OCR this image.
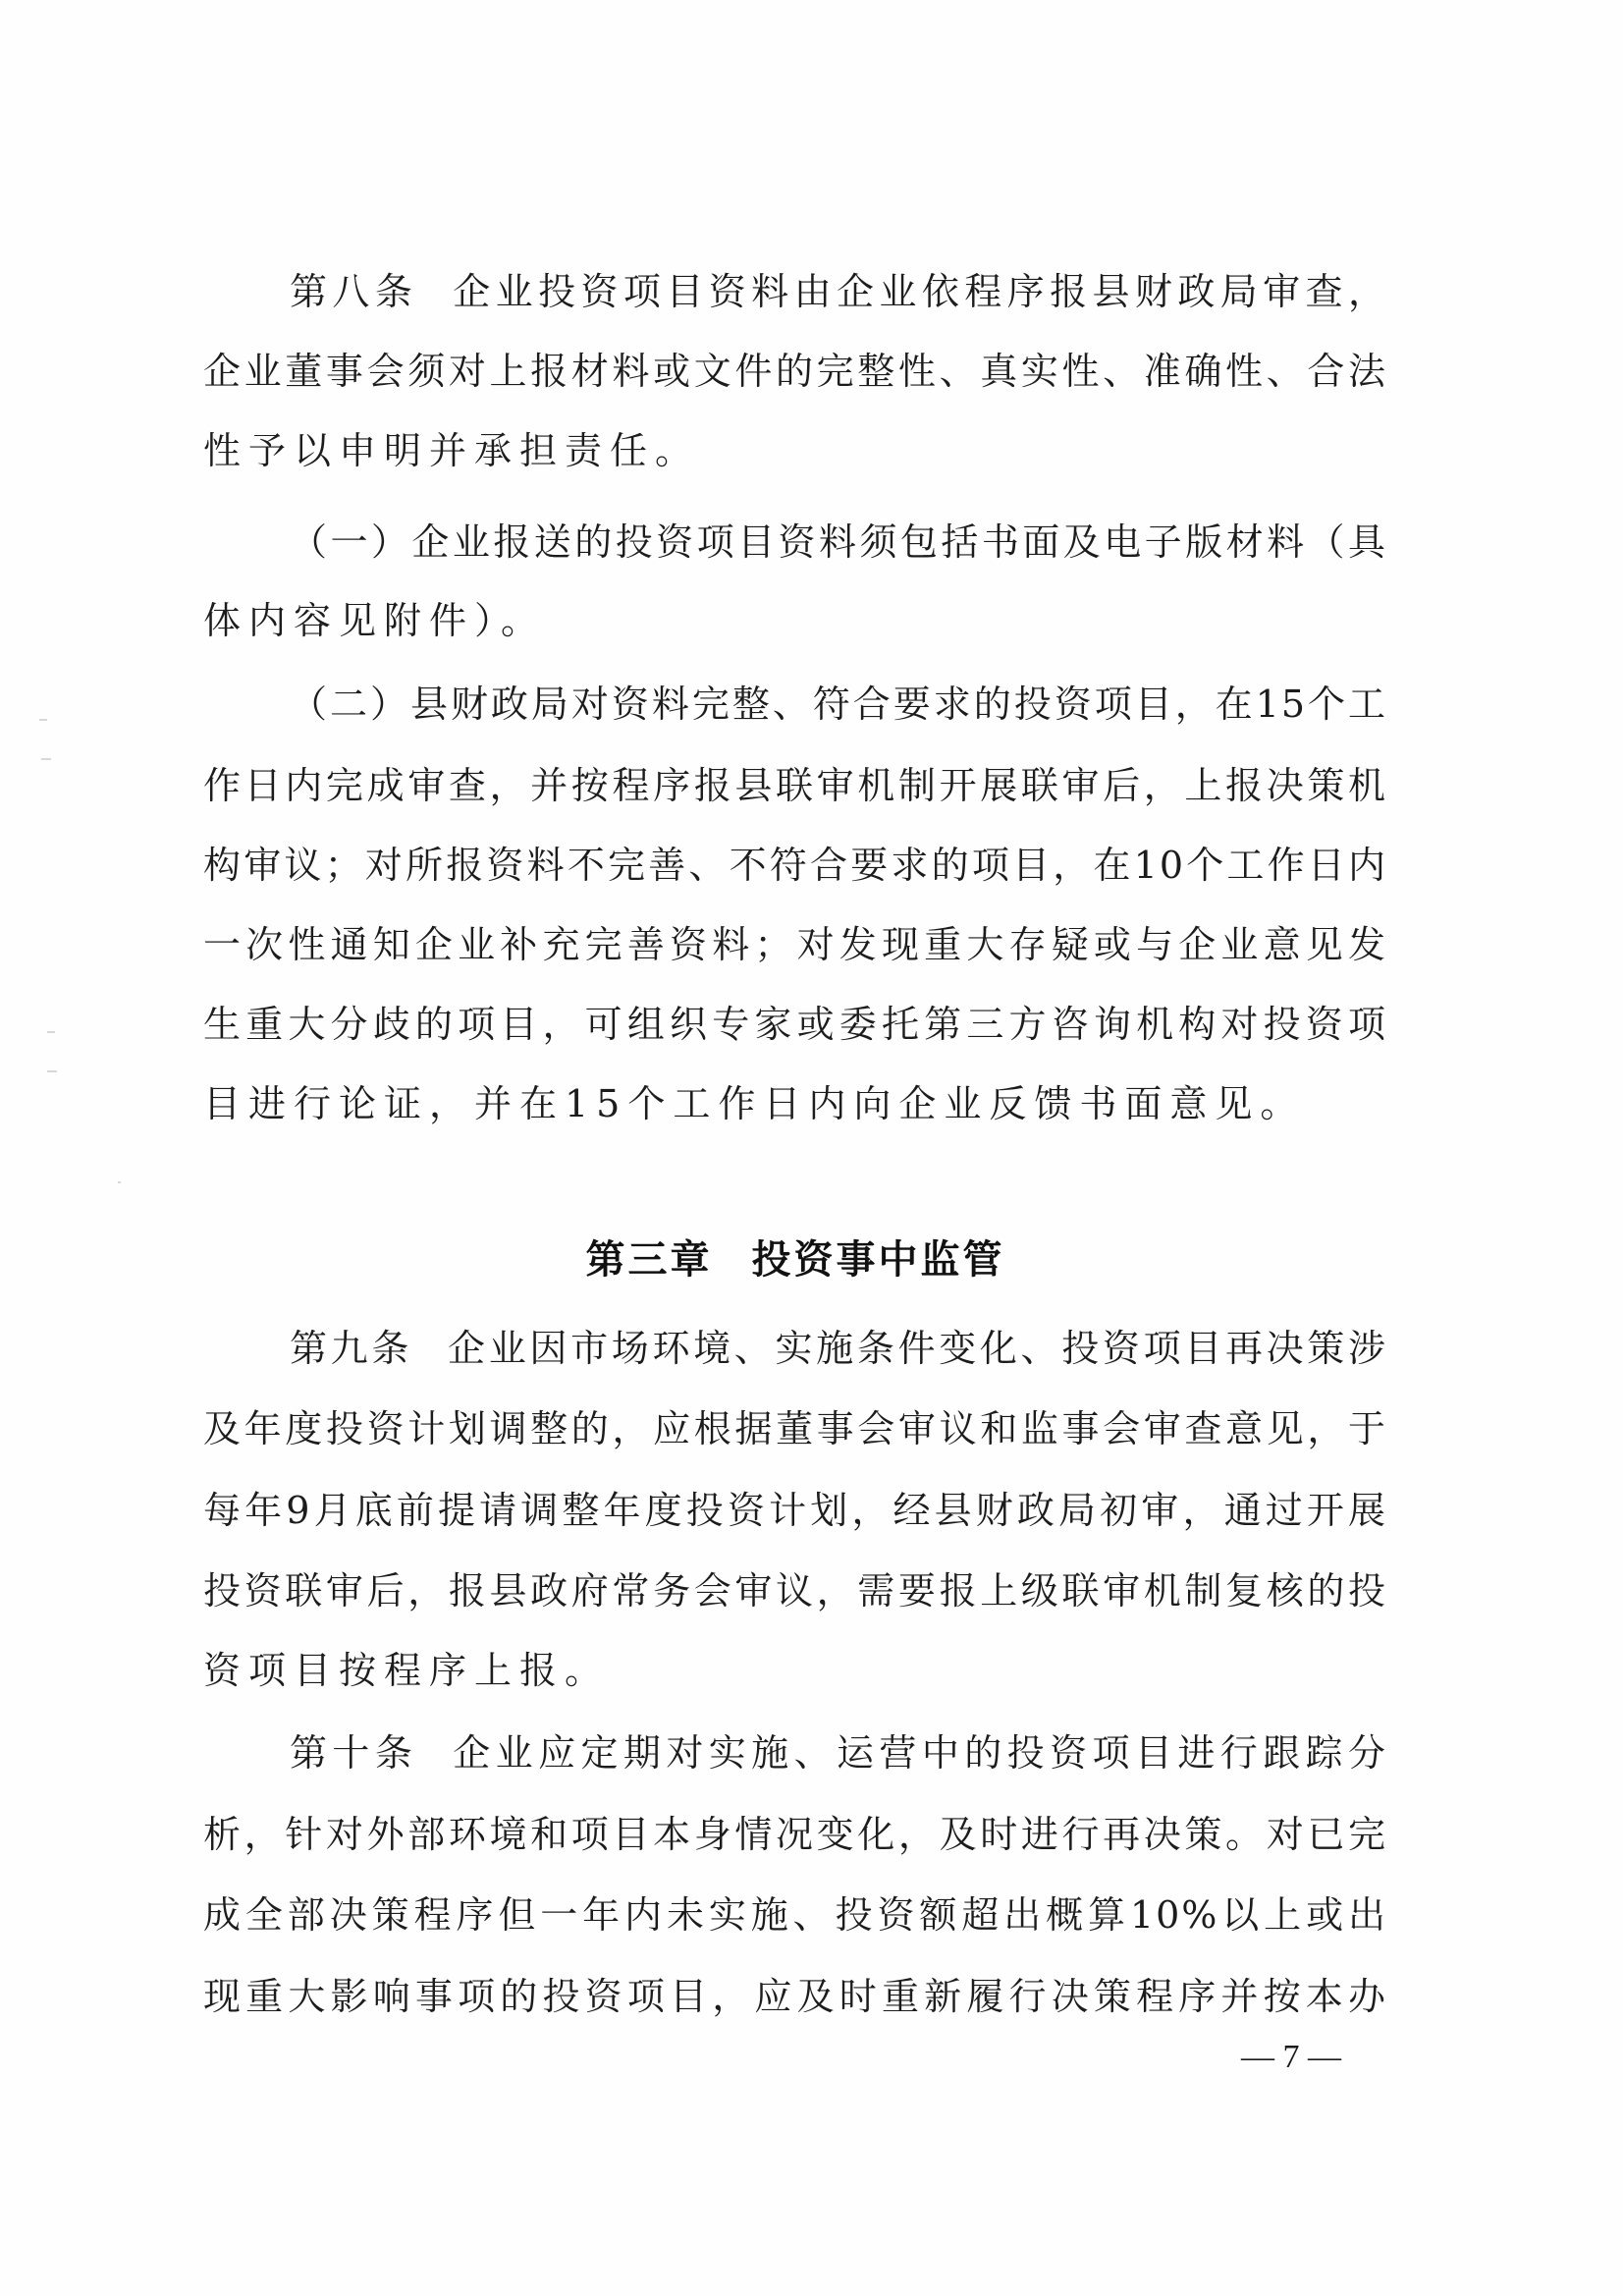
第八条 企业投资项目资料由企业依程序报县财政局审查，
企业董事会须对上报材料或文件的完整性、真实性、准确性、合法
性予以申明并承担责任。
（一）企业报送的投资项目资料须包括书面及电子版材料（具
体内容见附件）。
（二）县财政局对资料完整、符合要求的投资项目，在15个工
作日内完成审查，并按程序报县联审机制开展联审后，上报决策机
构审议；对所报资料不完善、不符合要求的项目，在10个工作日内
一次性通知企业补充完善资料；对发现重大存疑或与企业意见发
生重大分歧的项目，可组织专家或委托第三方咨询机构对投资项
目进行论证，并在15个工作日内向企业反馈书面意见。
第三章 投资事中监管
第九条 企业因市场环境、实施条件变化、投资项目再决策涉
及年度投资计划调整的，应根据董事会审议和监事会审查意见，于
每年9月底前提请调整年度投资计划，经县财政局初审，通过开展
投资联审后，报县政府常务会审议，需要报上级联审机制复核的投
资项目按程序上报。
第十条 企业应定期对实施、运营中的投资项目进行跟踪分
析，针对外部环境和项目本身情况变化，及时进行再决策。对已完
成全部决策程序但一年内未实施、投资额超出概算10%以上或出
现重大影响事项的投资项目，应及时重新履行决策程序并按本办
— 7 —
